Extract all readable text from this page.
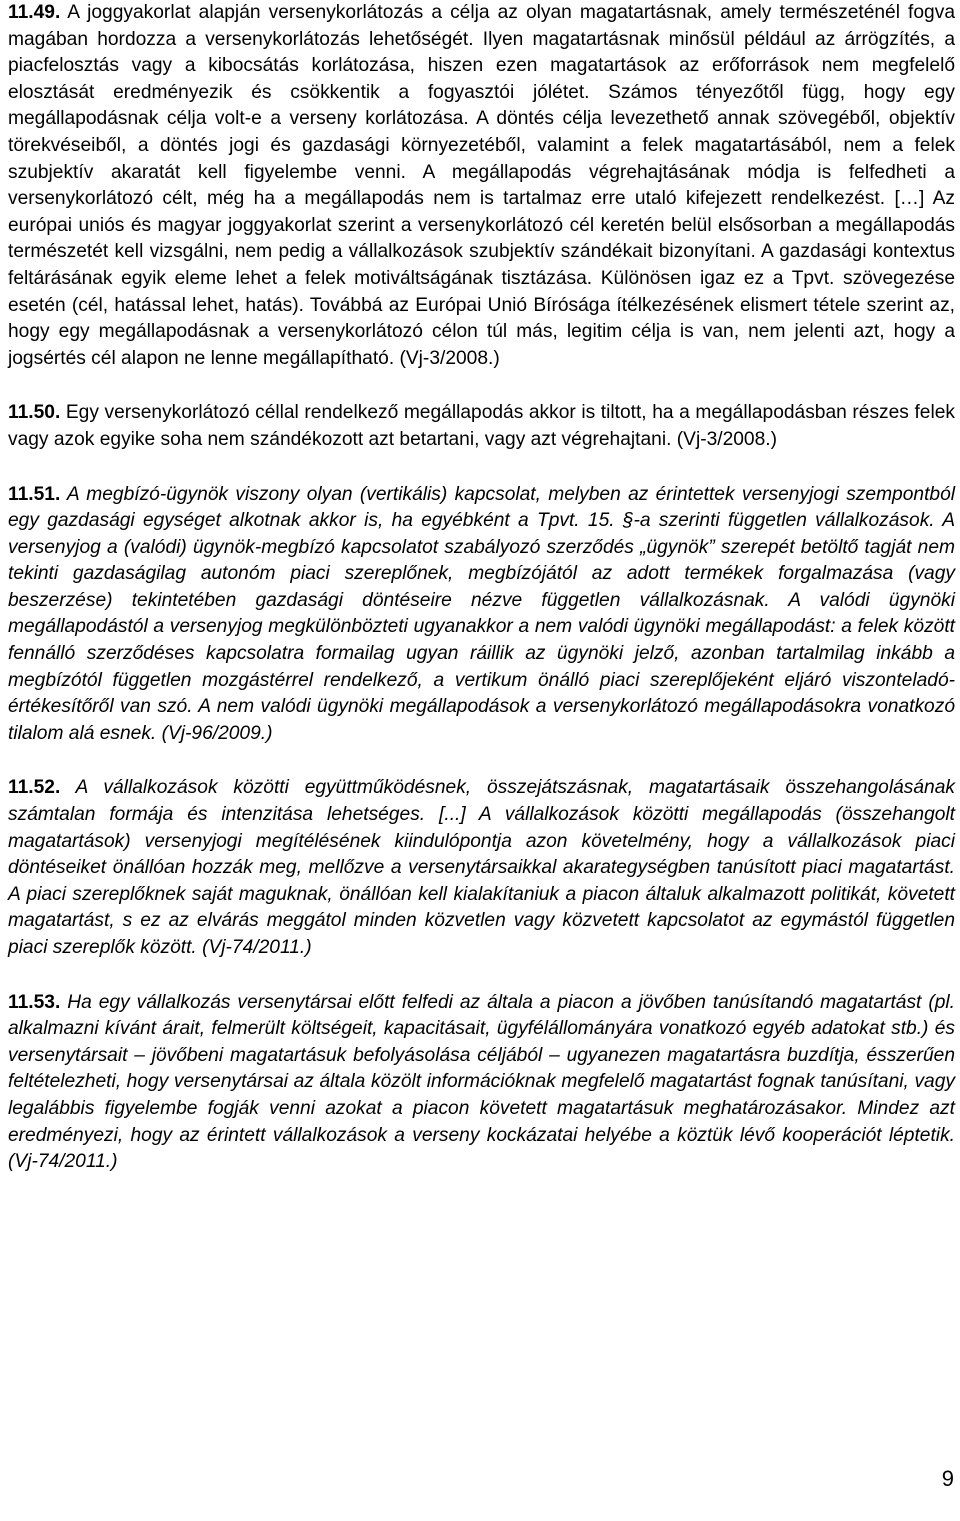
11.49. A joggyakorlat alapján versenykorlátozás a célja az olyan magatartásnak, amely természeténél fogva magában hordozza a versenykorlátozás lehetőségét. Ilyen magatartásnak minősül például az árrögzítés, a piacfelosztás vagy a kibocsátás korlátozása, hiszen ezen magatartások az erőforrások nem megfelelő elosztását eredményezik és csökkentik a fogyasztói jólétet. Számos tényezőtől függ, hogy egy megállapodásnak célja volt-e a verseny korlátozása. A döntés célja levezethető annak szövegéből, objektív törekvéseiből, a döntés jogi és gazdasági környezetéből, valamint a felek magatartásából, nem a felek szubjektív akaratát kell figyelembe venni. A megállapodás végrehajtásának módja is felfedheti a versenykorlátozó célt, még ha a megállapodás nem is tartalmaz erre utaló kifejezett rendelkezést. […] Az európai uniós és magyar joggyakorlat szerint a versenykorlátozó cél keretén belül elsősorban a megállapodás természetét kell vizsgálni, nem pedig a vállalkozások szubjektív szándékait bizonyítani. A gazdasági kontextus feltárásának egyik eleme lehet a felek motiváltságának tisztázása. Különösen igaz ez a Tpvt. szövegezése esetén (cél, hatással lehet, hatás). Továbbá az Európai Unió Bírósága ítélkezésének elismert tétele szerint az, hogy egy megállapodásnak a versenykorlátozó célon túl más, legitim célja is van, nem jelenti azt, hogy a jogsértés cél alapon ne lenne megállapítható. (Vj-3/2008.)

11.50. Egy versenykorlátozó céllal rendelkező megállapodás akkor is tiltott, ha a megállapodásban részes felek vagy azok egyike soha nem szándékozott azt betartani, vagy azt végrehajtani. (Vj-3/2008.)

11.51. A megbízó-ügynök viszony olyan (vertikális) kapcsolat, melyben az érintettek versenyjogi szempontból egy gazdasági egységet alkotnak akkor is, ha egyébként a Tpvt. 15. §-a szerinti független vállalkozások. A versenyjog a (valódi) ügynök-megbízó kapcsolatot szabályozó szerződés „ügynök” szerepét betöltő tagját nem tekinti gazdaságilag autonóm piaci szereplőnek, megbízójától az adott termékek forgalmazása (vagy beszerzése) tekintetében gazdasági döntéseire nézve független vállalkozásnak. A valódi ügynöki megállapodástól a versenyjog megkülönbözteti ugyanakkor a nem valódi ügynöki megállapodást: a felek között fennálló szerződéses kapcsolatra formailag ugyan ráillik az ügynöki jelző, azonban tartalmilag inkább a megbízótól független mozgástérrel rendelkező, a vertikum önálló piaci szereplőjeként eljáró viszonteladó-értékesítőről van szó. A nem valódi ügynöki megállapodások a versenykorlátozó megállapodásokra vonatkozó tilalom alá esnek. (Vj-96/2009.)

11.52. A vállalkozások közötti együttműködésnek, összejátszásnak, magatartásaik összehangolásának számtalan formája és intenzitása lehetséges. [...] A vállalkozások közötti megállapodás (összehangolt magatartások) versenyjogi megítélésének kiindulópontja azon követelmény, hogy a vállalkozások piaci döntéseiket önállóan hozzák meg, mellőzve a versenytársaikkal akarategységben tanúsított piaci magatartást. A piaci szereplőknek saját maguknak, önállóan kell kialakítaniuk a piacon általuk alkalmazott politikát, követett magatartást, s ez az elvárás meggátol minden közvetlen vagy közvetett kapcsolatot az egymástól független piaci szereplők között. (Vj-74/2011.)

11.53. Ha egy vállalkozás versenytársai előtt felfedi az általa a piacon a jövőben tanúsítandó magatartást (pl. alkalmazni kívánt árait, felmerült költségeit, kapacitásait, ügyfélállományára vonatkozó egyéb adatokat stb.) és versenytársait – jövőbeni magatartásuk befolyásolása céljából – ugyanezen magatartásra buzdítja, ésszerűen feltételezheti, hogy versenytársai az általa közölt információknak megfelelő magatartást fognak tanúsítani, vagy legalábbis figyelembe fogják venni azokat a piacon követett magatartásuk meghatározásakor. Mindez azt eredményezi, hogy az érintett vállalkozások a verseny kockázatai helyébe a köztük lévő kooperációt léptetik. (Vj-74/2011.)

9
